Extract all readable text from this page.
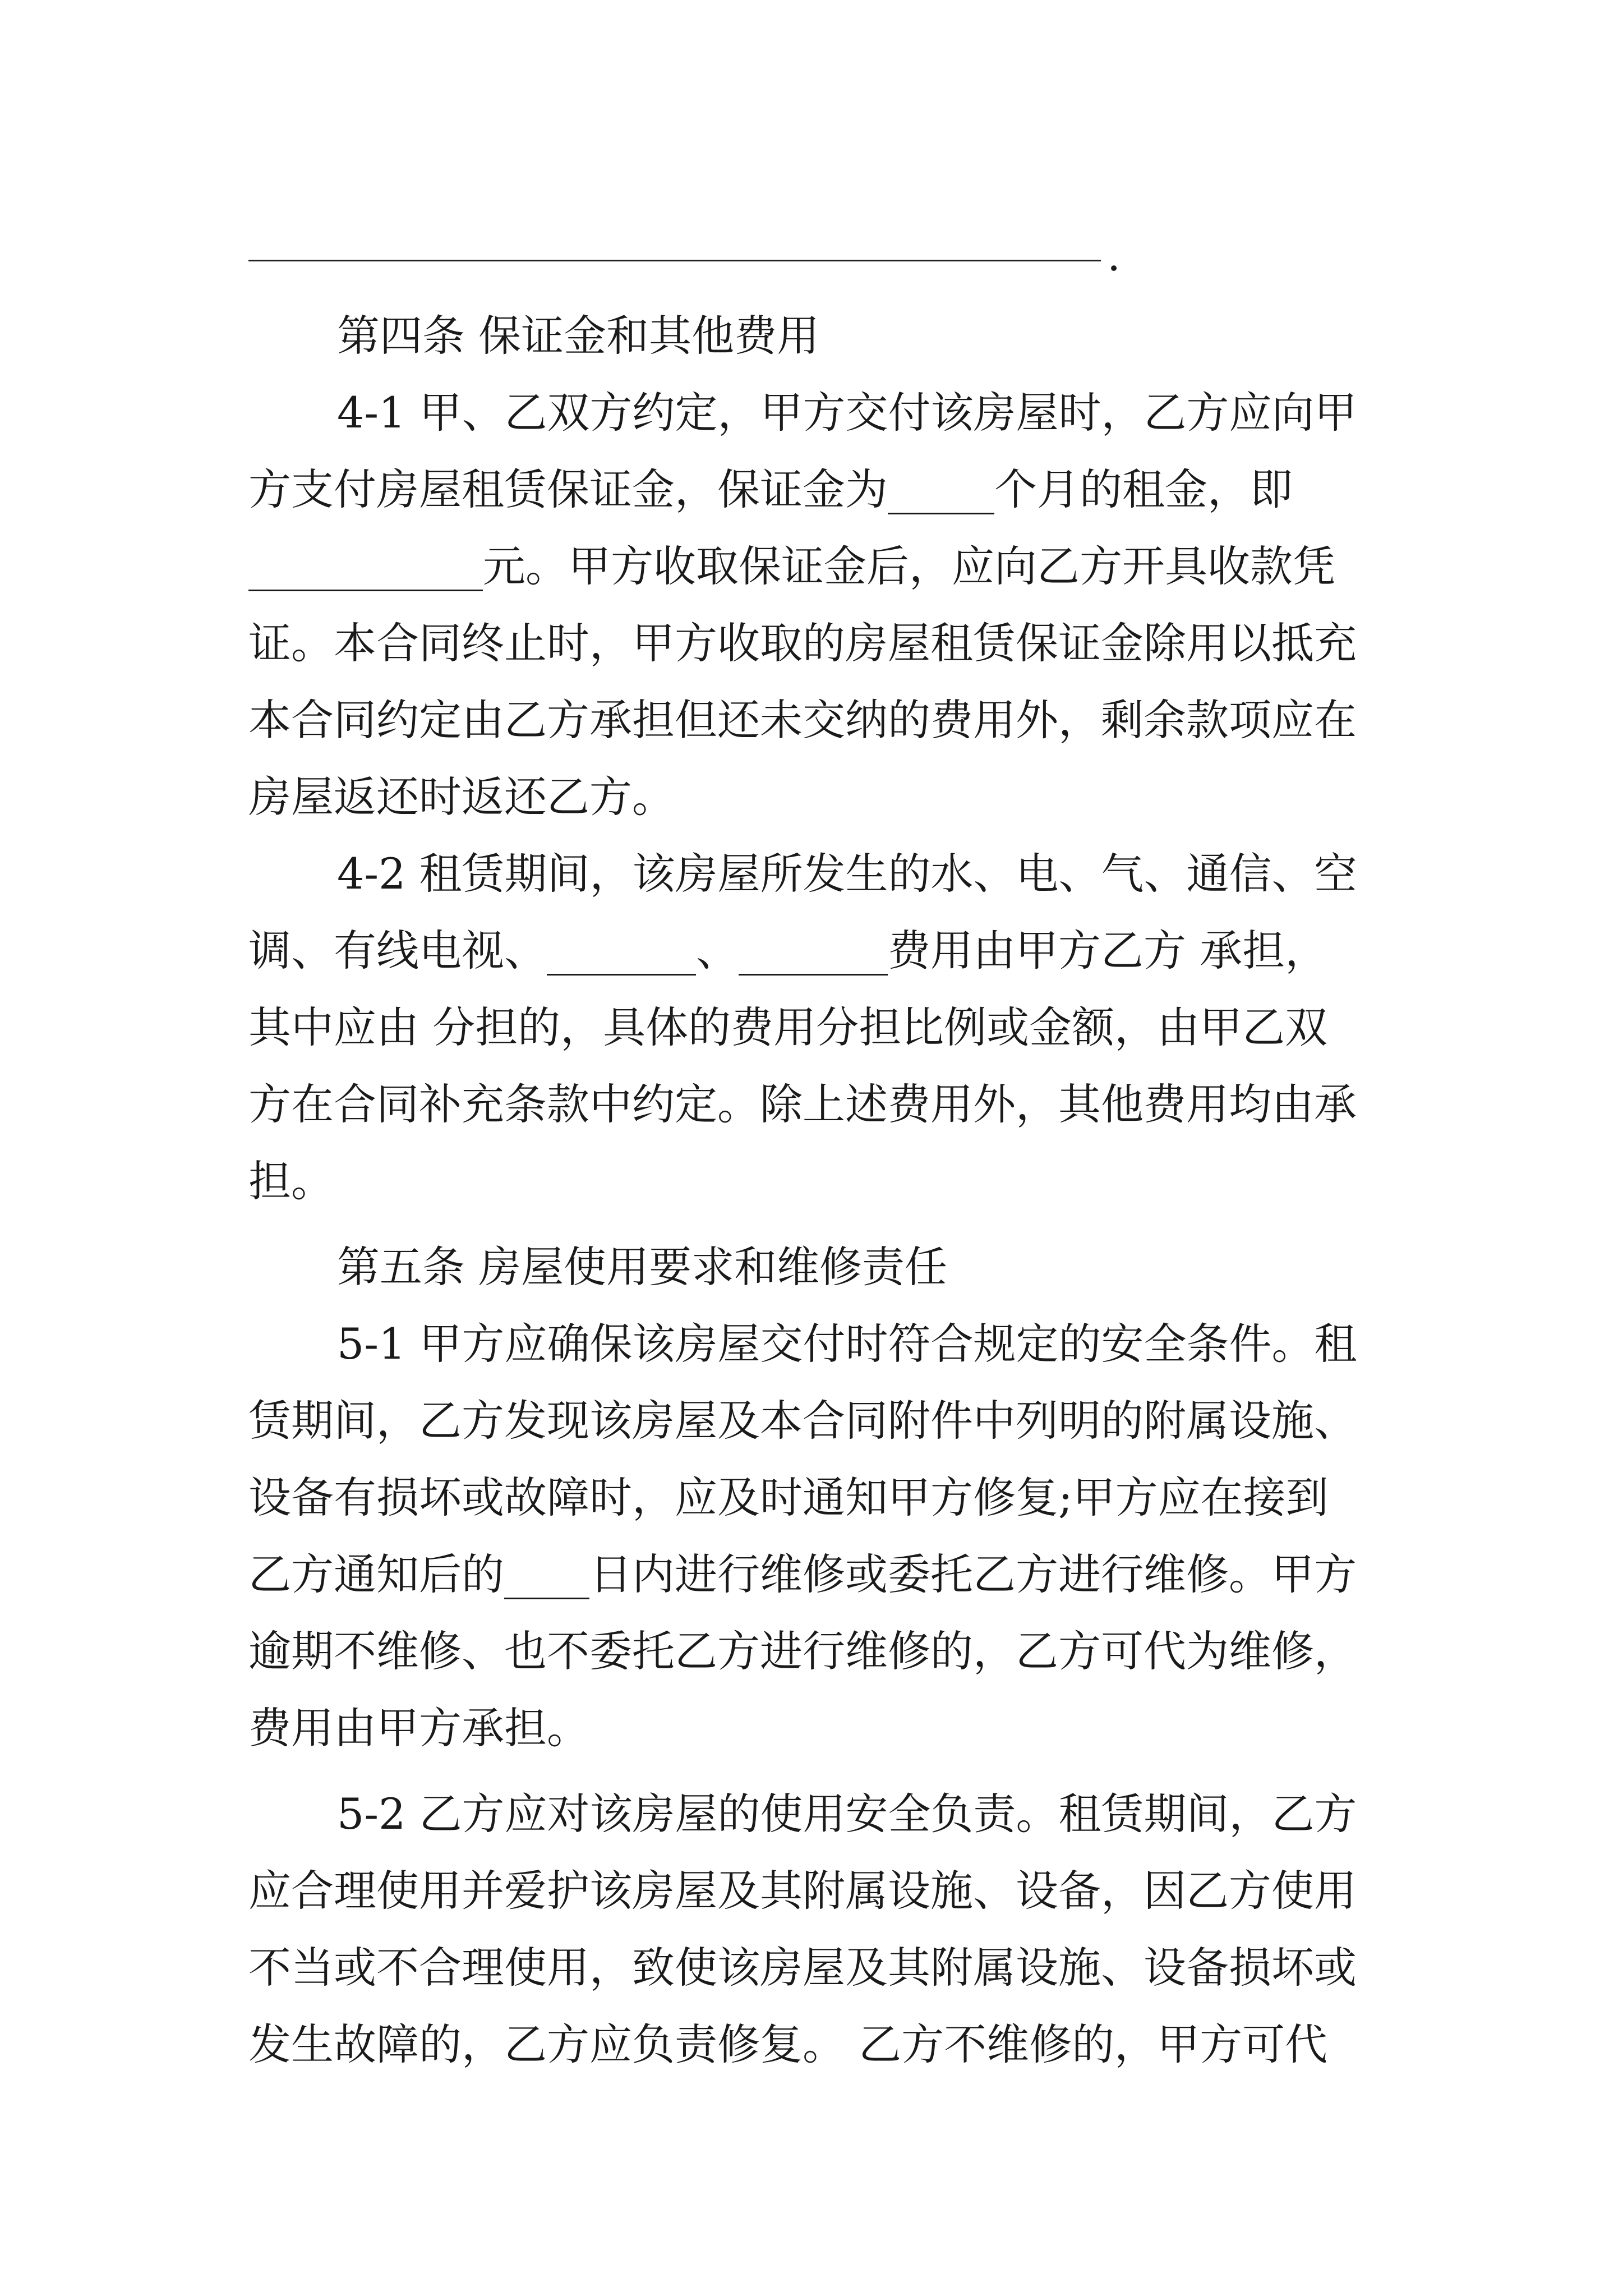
.
第四条 保证金和其他费用
4-1 甲、乙双方约定，甲方交付该房屋时，乙方应向甲
方支付房屋租赁保证金，保证金为_____个月的租金，即
___________元。甲方收取保证金后，应向乙方开具收款凭
证。本合同终止时，甲方收取的房屋租赁保证金除用以抵充
本合同约定由乙方承担但还未交纳的费用外，剩余款项应在
房屋返还时返还乙方。
4-2 租赁期间，该房屋所发生的水、电、气、通信、空
调、有线电视、_______、_______费用由甲方乙方 承担，
其中应由 分担的，具体的费用分担比例或金额，由甲乙双
方在合同补充条款中约定。除上述费用外，其他费用均由承
担。
第五条 房屋使用要求和维修责任
5-1 甲方应确保该房屋交付时符合规定的安全条件。租
赁期间，乙方发现该房屋及本合同附件中列明的附属设施、
设备有损坏或故障时，应及时通知甲方修复;甲方应在接到
乙方通知后的____日内进行维修或委托乙方进行维修。甲方
逾期不维修、也不委托乙方进行维修的，乙方可代为维修，
费用由甲方承担。
5-2 乙方应对该房屋的使用安全负责。租赁期间，乙方
应合理使用并爱护该房屋及其附属设施、设备，因乙方使用
不当或不合理使用，致使该房屋及其附属设施、设备损坏或
发生故障的，乙方应负责修复。 乙方不维修的，甲方可代
